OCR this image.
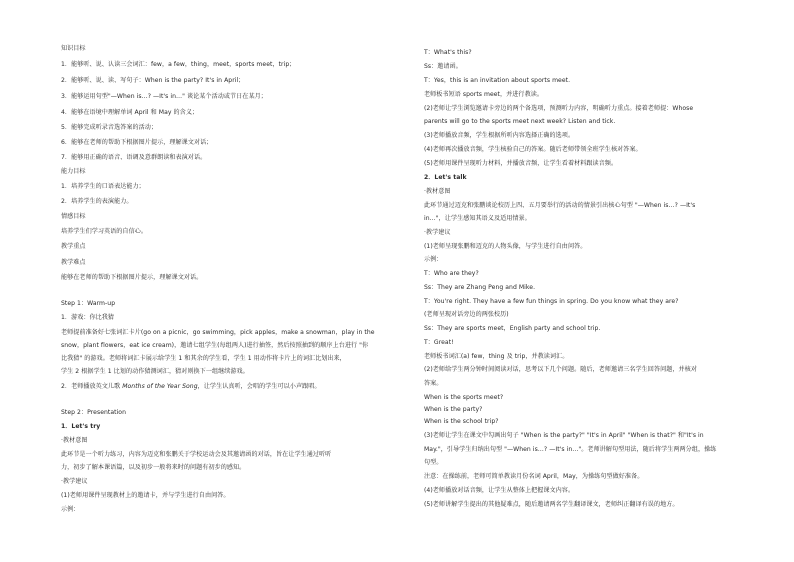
知识目标
1．能够听、说、认读三会词汇：few，a few，thing，meet，sports meet，trip；
2．能够听、说、读、写句子：When is the party? It's in April；
3．能够运用句型"—When is…? —It's in…" 谈论某个活动或节日在某月；
4．能够在语境中理解单词 April 和 May 的含义；
5．能够完成听录音选答案的活动；
6．能够在老师的帮助下根据图片提示，理解课文对话；
7．能够用正确的语音、语调及意群朗读和表演对话。
能力目标
1．培养学生的口语表达能力；
2．培养学生的表演能力。
情感目标
培养学生们学习英语的自信心。
教学重点
教学难点
能够在老师的帮助下根据图片提示，理解课文对话。
Step 1：Warm-up
1．游戏：你比我猜
老师提前准备好七张词汇卡片(go on a picnic，go swimming，pick apples，make a snowman，play in the
snow，plant flowers，eat ice cream)，邀请七组学生(每组两人)进行抽签，然后按照抽到的顺序上台进行 "你
比我猜" 的游戏。老师将词汇卡展示给学生 1 和其余的学生看，学生 1 用动作将卡片上的词汇比划出来，
学生 2 根据学生 1 比划的动作猜测词汇，猜对则换下一组继续游戏。
2．老师播放英文儿歌 Months of the Year Song，让学生认真听，会唱的学生可以小声跟唱。
Step 2：Presentation
1．Let's try
·教材意图
此环节是一个听力练习，内容为迈克和张鹏关于学校运动会及其邀请函的对话，旨在让学生通过听听
力，初步了解本课语篇，以及初步一般将来时的问题有初步的感知。
·教学建议
(1)老师用课件呈现教材上的邀请卡，并与学生进行自由问答。
示例：
T：What's this?
Ss：邀请函。
T：Yes，this is an invitation about sports meet.
老师板书短语 sports meet，并进行教读。
(2)老师让学生浏览邀请卡旁边的两个备选项，预测听力内容，明确听力重点。接着老师提：Whose
parents will go to the sports meet next week? Listen and tick.
(3)老师播放音频，学生根据所听内容选择正确的选项。
(4)老师再次播放音频，学生核验自己的答案。随后老师带领全班学生核对答案。
(5)老师用课件呈现听力材料，并播放音频，让学生看着材料跟读音频。
2．Let's talk
·教材意图
此环节通过迈克和张鹏谈论校历上四、五月要举行的活动的情景引出核心句型 "—When is…? —It's
in…"，让学生感知其语义及适用情景。
·教学建议
(1)老师呈现张鹏和迈克的人物头像，与学生进行自由问答。
示例：
T：Who are they?
Ss：They are Zhang Peng and Mike.
T：You're right. They have a few fun things in spring. Do you know what they are?
(老师呈现对话旁边的两张校历)
Ss：They are sports meet，English party and school trip.
T：Great!
老师板书词汇(a) few，thing 及 trip，并教读词汇。
(2)老师给学生两分钟时间阅读对话，思考以下几个问题。随后，老师邀请三名学生回答问题，并核对
答案。
When is the sports meet?
When is the party?
When is the school trip?
(3)老师让学生在课文中勾画出句子 "When is the party?" "It's in April" "When is that?" 和"It's in
May."，引导学生归纳出句型 "—When is…? —It's in…"。老师讲解句型用法，随后将学生两两分组，操练
句型。
注意：在操练前，老师可简单教读月份名词 April，May，为操练句型做好准备。
(4)老师播放对话音频，让学生从整体上把握课文内容。
(5)老师讲解学生提出的其他疑难点，随后邀请两名学生翻译课文，老师纠正翻译有误的地方。
